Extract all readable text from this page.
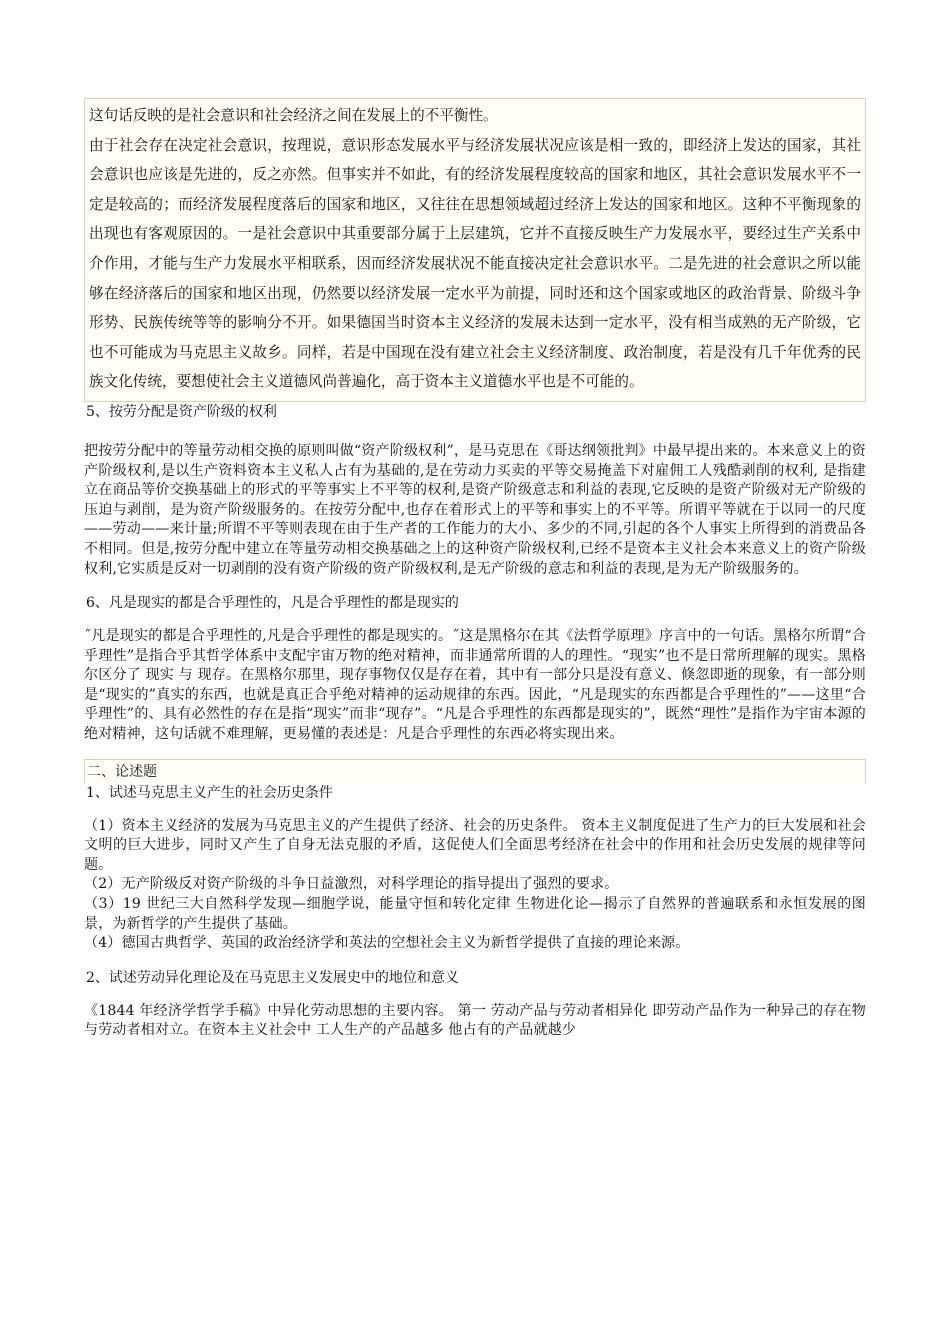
这句话反映的是社会意识和社会经济之间在发展上的不平衡性。

由于社会存在决定社会意识，按理说，意识形态发展水平与经济发展状况应该是相一致的，即经济上发达的国家，其社会意识也应该是先进的，反之亦然。但事实并不如此，有的经济发展程度较高的国家和地区，其社会意识发展水平不一定是较高的；而经济发展程度落后的国家和地区，又往往在思想领域超过经济上发达的国家和地区。这种不平衡现象的出现也有客观原因的。一是社会意识中其重要部分属于上层建筑，它并不直接反映生产力发展水平，要经过生产关系中介作用，才能与生产力发展水平相联系，因而经济发展状况不能直接决定社会意识水平。二是先进的社会意识之所以能够在经济落后的国家和地区出现，仍然要以经济发展一定水平为前提，同时还和这个国家或地区的政治背景、阶级斗争形势、民族传统等等的影响分不开。如果德国当时资本主义经济的发展未达到一定水平，没有相当成熟的无产阶级，它也不可能成为马克思主义故乡。同样，若是中国现在没有建立社会主义经济制度、政治制度，若是没有几千年优秀的民族文化传统，要想使社会主义道德风尚普遍化，高于资本主义道德水平也是不可能的。

5、按劳分配是资产阶级的权利

把按劳分配中的等量劳动相交换的原则叫做“资产阶级权利”，是马克思在《哥达纲领批判》中最早提出来的。本来意义上的资产阶级权利,是以生产资料资本主义私人占有为基础的,是在劳动力买卖的平等交易掩盖下对雇佣工人残酷剥削的权利, 是指建立在商品等价交换基础上的形式的平等事实上不平等的权利,是资产阶级意志和利益的表现,它反映的是资产阶级对无产阶级的压迫与剥削，是为资产阶级服务的。在按劳分配中,也存在着形式上的平等和事实上的不平等。所谓平等就在于以同一的尺度——劳动——来计量;所谓不平等则表现在由于生产者的工作能力的大小、多少的不同,引起的各个人事实上所得到的消费品各不相同。但是,按劳分配中建立在等量劳动相交换基础之上的这种资产阶级权利,已经不是资本主义社会本来意义上的资产阶级权利,它实质是反对一切剥削的没有资产阶级的资产阶级权利,是无产阶级的意志和利益的表现,是为无产阶级服务的。

6、凡是现实的都是合乎理性的，凡是合乎理性的都是现实的

˝凡是现实的都是合乎理性的,凡是合乎理性的都是现实的。˝这是黑格尔在其《法哲学原理》序言中的一句话。黑格尔所谓“合乎理性”是指合乎其哲学体系中支配宇宙万物的绝对精神，而非通常所谓的人的理性。“现实”也不是日常所理解的现实。黑格尔区分了 现实 与 现存。在黑格尔那里，现存事物仅仅是存在着，其中有一部分只是没有意义、倏忽即逝的现象，有一部分则是“现实的”真实的东西，也就是真正合乎绝对精神的运动规律的东西。因此，“凡是现实的东西都是合乎理性的”——这里“合乎理性”的、具有必然性的存在是指“现实”而非“现存”。“凡是合乎理性的东西都是现实的”，既然“理性”是指作为宇宙本源的绝对精神，这句话就不难理解，更易懂的表述是：凡是合乎理性的东西必将实现出来。

二、论述题

1、试述马克思主义产生的社会历史条件

（1）资本主义经济的发展为马克思主义的产生提供了经济、社会的历史条件。 资本主义制度促进了生产力的巨大发展和社会文明的巨大进步，同时又产生了自身无法克服的矛盾，这促使人们全面思考经济在社会中的作用和社会历史发展的规律等问题。

（2）无产阶级反对资产阶级的斗争日益激烈，对科学理论的指导提出了强烈的要求。

（3）19 世纪三大自然科学发现—细胞学说，能量守恒和转化定律 生物进化论—揭示了自然界的普遍联系和永恒发展的图景，为新哲学的产生提供了基础。

（4）德国古典哲学、英国的政治经济学和英法的空想社会主义为新哲学提供了直接的理论来源。

2、试述劳动异化理论及在马克思主义发展史中的地位和意义

《1844 年经济学哲学手稿》中异化劳动思想的主要内容。 第一 劳动产品与劳动者相异化 即劳动产品作为一种异己的存在物与劳动者相对立。在资本主义社会中 工人生产的产品越多 他占有的产品就越少
